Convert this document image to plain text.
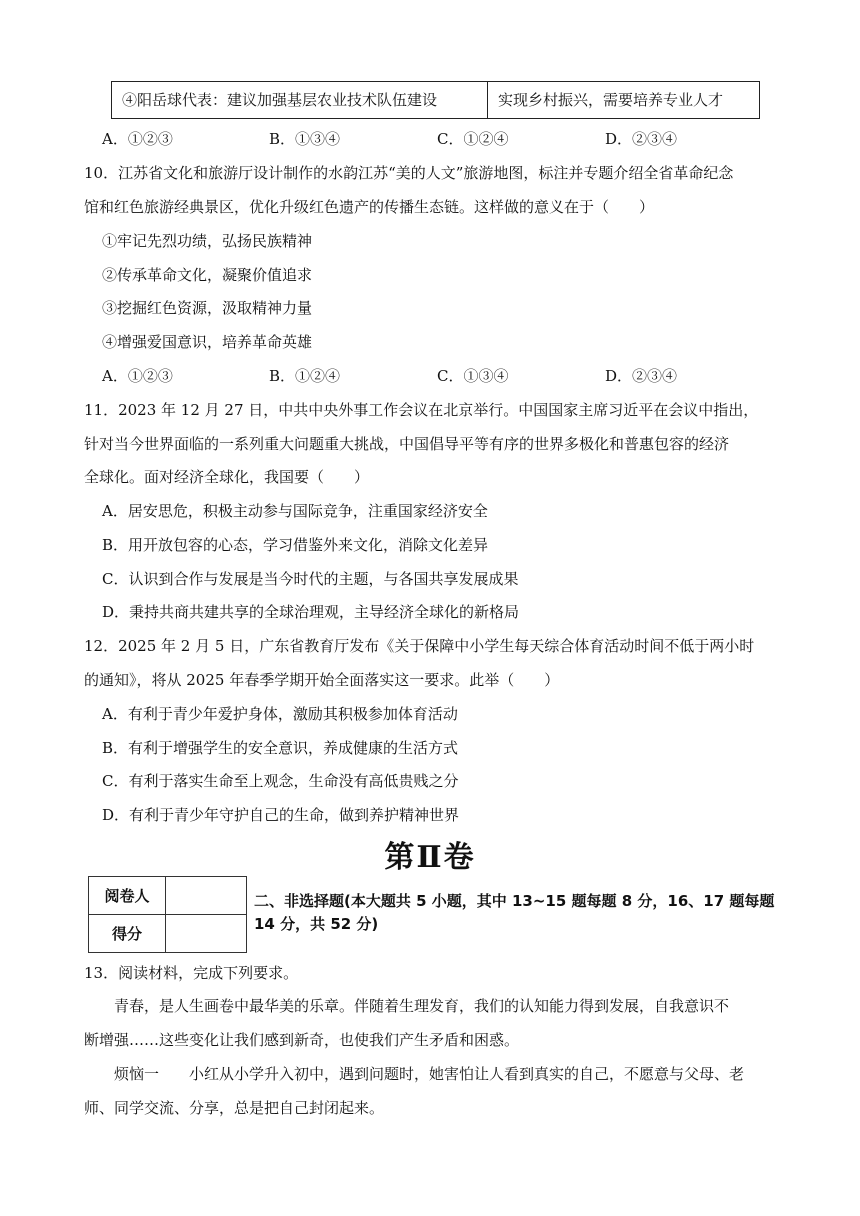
④阳岳球代表：建议加强基层农业技术队伍建设	实现乡村振兴，需要培养专业人才
A．①②③	B．①③④	C．①②④	D．②③④
10．江苏省文化和旅游厅设计制作的水韵江苏“美的人文”旅游地图，标注并专题介绍全省革命纪念
馆和红色旅游经典景区，优化升级红色遗产的传播生态链。这样做的意义在于（　　）
①牢记先烈功绩，弘扬民族精神
②传承革命文化，凝聚价值追求
③挖掘红色资源，汲取精神力量
④增强爱国意识，培养革命英雄
A．①②③	B．①②④	C．①③④	D．②③④
11．2023 年 12 月 27 日，中共中央外事工作会议在北京举行。中国国家主席习近平在会议中指出，
针对当今世界面临的一系列重大问题重大挑战，中国倡导平等有序的世界多极化和普惠包容的经济
全球化。面对经济全球化，我国要（　　）
A．居安思危，积极主动参与国际竞争，注重国家经济安全
B．用开放包容的心态，学习借鉴外来文化，消除文化差异
C．认识到合作与发展是当今时代的主题，与各国共享发展成果
D．秉持共商共建共享的全球治理观，主导经济全球化的新格局
12．2025 年 2 月 5 日，广东省教育厅发布《关于保障中小学生每天综合体育活动时间不低于两小时
的通知》，将从 2025 年春季学期开始全面落实这一要求。此举（　　）
A．有利于青少年爱护身体，激励其积极参加体育活动
B．有利于增强学生的安全意识，养成健康的生活方式
C．有利于落实生命至上观念，生命没有高低贵贱之分
D．有利于青少年守护自己的生命，做到养护精神世界
第Ⅱ卷
阅卷人	
得分	
二、非选择题(本大题共 5 小题，其中 13~15 题每题 8 分，16、17 题每题 14 分，共 52 分)
13．阅读材料，完成下列要求。
青春，是人生画卷中最华美的乐章。伴随着生理发育，我们的认知能力得到发展，自我意识不
断增强……这些变化让我们感到新奇，也使我们产生矛盾和困惑。
烦恼一　　小红从小学升入初中，遇到问题时，她害怕让人看到真实的自己，不愿意与父母、老
师、同学交流、分享，总是把自己封闭起来。
